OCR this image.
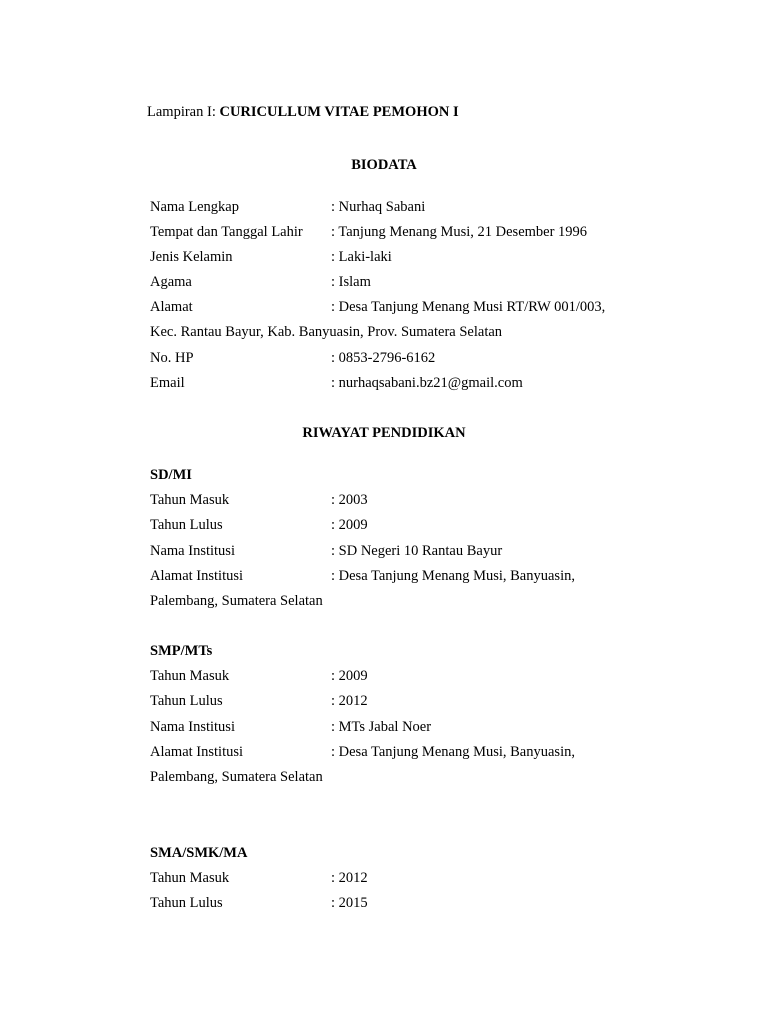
Lampiran I: CURICULLUM VITAE PEMOHON I
BIODATA
Nama Lengkap	: Nurhaq Sabani
Tempat dan Tanggal Lahir : Tanjung Menang Musi, 21 Desember 1996
Jenis Kelamin	: Laki-laki
Agama	: Islam
Alamat	: Desa Tanjung Menang Musi RT/RW 001/003,
Kec. Rantau Bayur, Kab. Banyuasin, Prov. Sumatera Selatan
No. HP	: 0853-2796-6162
Email	: nurhaqsabani.bz21@gmail.com
RIWAYAT PENDIDIKAN
SD/MI
Tahun Masuk	: 2003
Tahun Lulus	: 2009
Nama Institusi	: SD Negeri 10 Rantau Bayur
Alamat Institusi	: Desa Tanjung Menang Musi, Banyuasin,
Palembang, Sumatera Selatan
SMP/MTs
Tahun Masuk	: 2009
Tahun Lulus	: 2012
Nama Institusi	: MTs Jabal Noer
Alamat Institusi	: Desa Tanjung Menang Musi, Banyuasin,
Palembang, Sumatera Selatan
SMA/SMK/MA
Tahun Masuk	: 2012
Tahun Lulus	: 2015
